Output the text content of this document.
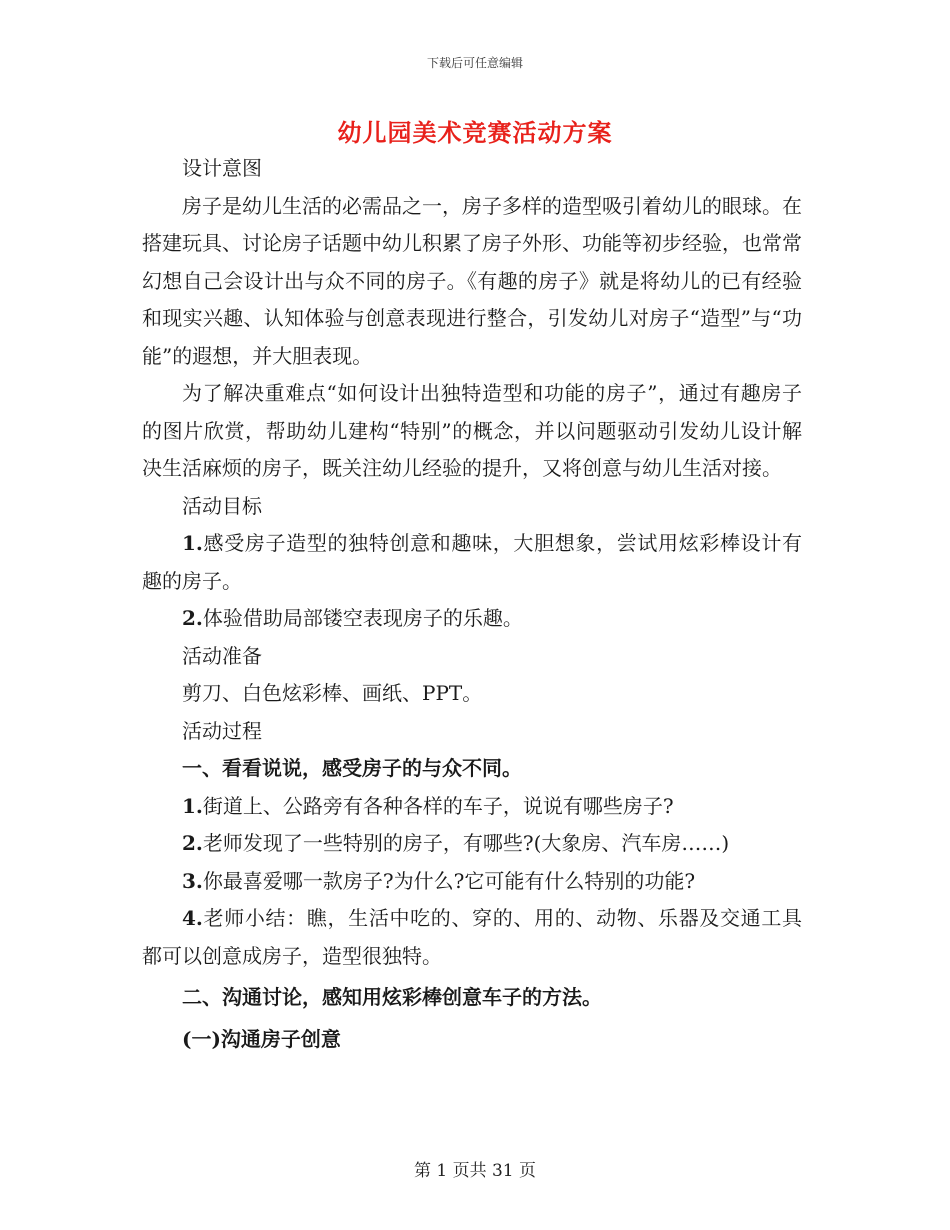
下载后可任意编辑
幼儿园美术竞赛活动方案

设计意图

房子是幼儿生活的必需品之一，房子多样的造型吸引着幼儿的眼球。在搭建玩具、讨论房子话题中幼儿积累了房子外形、功能等初步经验，也常常幻想自己会设计出与众不同的房子。《有趣的房子》就是将幼儿的已有经验和现实兴趣、认知体验与创意表现进行整合，引发幼儿对房子“造型”与“功能”的遐想，并大胆表现。

为了解决重难点“如何设计出独特造型和功能的房子”，通过有趣房子的图片欣赏，帮助幼儿建构“特别”的概念，并以问题驱动引发幼儿设计解决生活麻烦的房子，既关注幼儿经验的提升，又将创意与幼儿生活对接。

活动目标

1.感受房子造型的独特创意和趣味，大胆想象，尝试用炫彩棒设计有趣的房子。

2.体验借助局部镂空表现房子的乐趣。

活动准备

剪刀、白色炫彩棒、画纸、PPT。

活动过程

一、看看说说，感受房子的与众不同。

1.街道上、公路旁有各种各样的车子，说说有哪些房子?

2.老师发现了一些特别的房子，有哪些?(大象房、汽车房……)

3.你最喜爱哪一款房子?为什么?它可能有什么特别的功能?

4.老师小结：瞧，生活中吃的、穿的、用的、动物、乐器及交通工具都可以创意成房子，造型很独特。

二、沟通讨论，感知用炫彩棒创意车子的方法。

(一)沟通房子创意

第 1 页共 31 页
